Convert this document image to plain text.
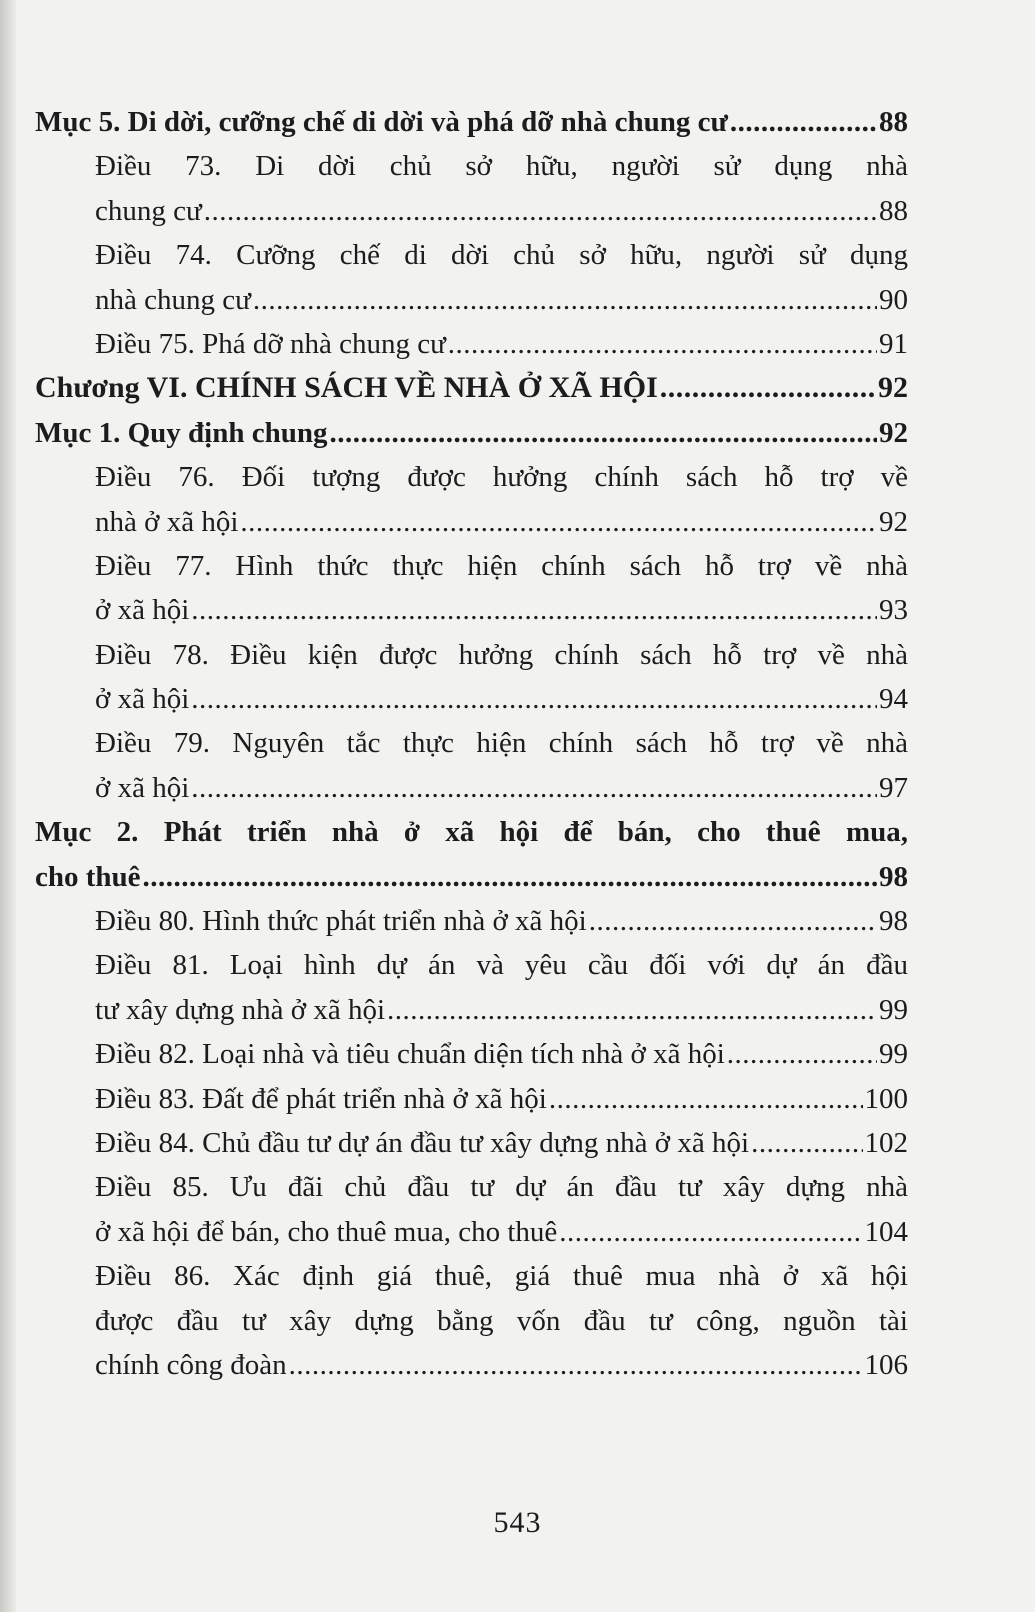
Mục 5. Di dời, cưỡng chế di dời và phá dỡ nhà chung cư .....	88
Điều 73. Di dời chủ sở hữu, người sử dụng nhà
chung cư .....	88
Điều 74. Cưỡng chế di dời chủ sở hữu, người sử dụng
nhà chung cư .....	90
Điều 75. Phá dỡ nhà chung cư .....	91
Chương VI. CHÍNH SÁCH VỀ NHÀ Ở XÃ HỘI .....	92
Mục 1. Quy định chung .....	92
Điều 76. Đối tượng được hưởng chính sách hỗ trợ về
nhà ở xã hội .....	92
Điều 77. Hình thức thực hiện chính sách hỗ trợ về nhà
ở xã hội .....	93
Điều 78. Điều kiện được hưởng chính sách hỗ trợ về nhà
ở xã hội .....	94
Điều 79. Nguyên tắc thực hiện chính sách hỗ trợ về nhà
ở xã hội .....	97
Mục 2. Phát triển nhà ở xã hội để bán, cho thuê mua,
cho thuê .....	98
Điều 80. Hình thức phát triển nhà ở xã hội .....	98
Điều 81. Loại hình dự án và yêu cầu đối với dự án đầu
tư xây dựng nhà ở xã hội .....	99
Điều 82. Loại nhà và tiêu chuẩn diện tích nhà ở xã hội .....	99
Điều 83. Đất để phát triển nhà ở xã hội .....	100
Điều 84. Chủ đầu tư dự án đầu tư xây dựng nhà ở xã hội .....	102
Điều 85. Ưu đãi chủ đầu tư dự án đầu tư xây dựng nhà
ở xã hội để bán, cho thuê mua, cho thuê .....	104
Điều 86. Xác định giá thuê, giá thuê mua nhà ở xã hội
được đầu tư xây dựng bằng vốn đầu tư công, nguồn tài
chính công đoàn .....	106
543
